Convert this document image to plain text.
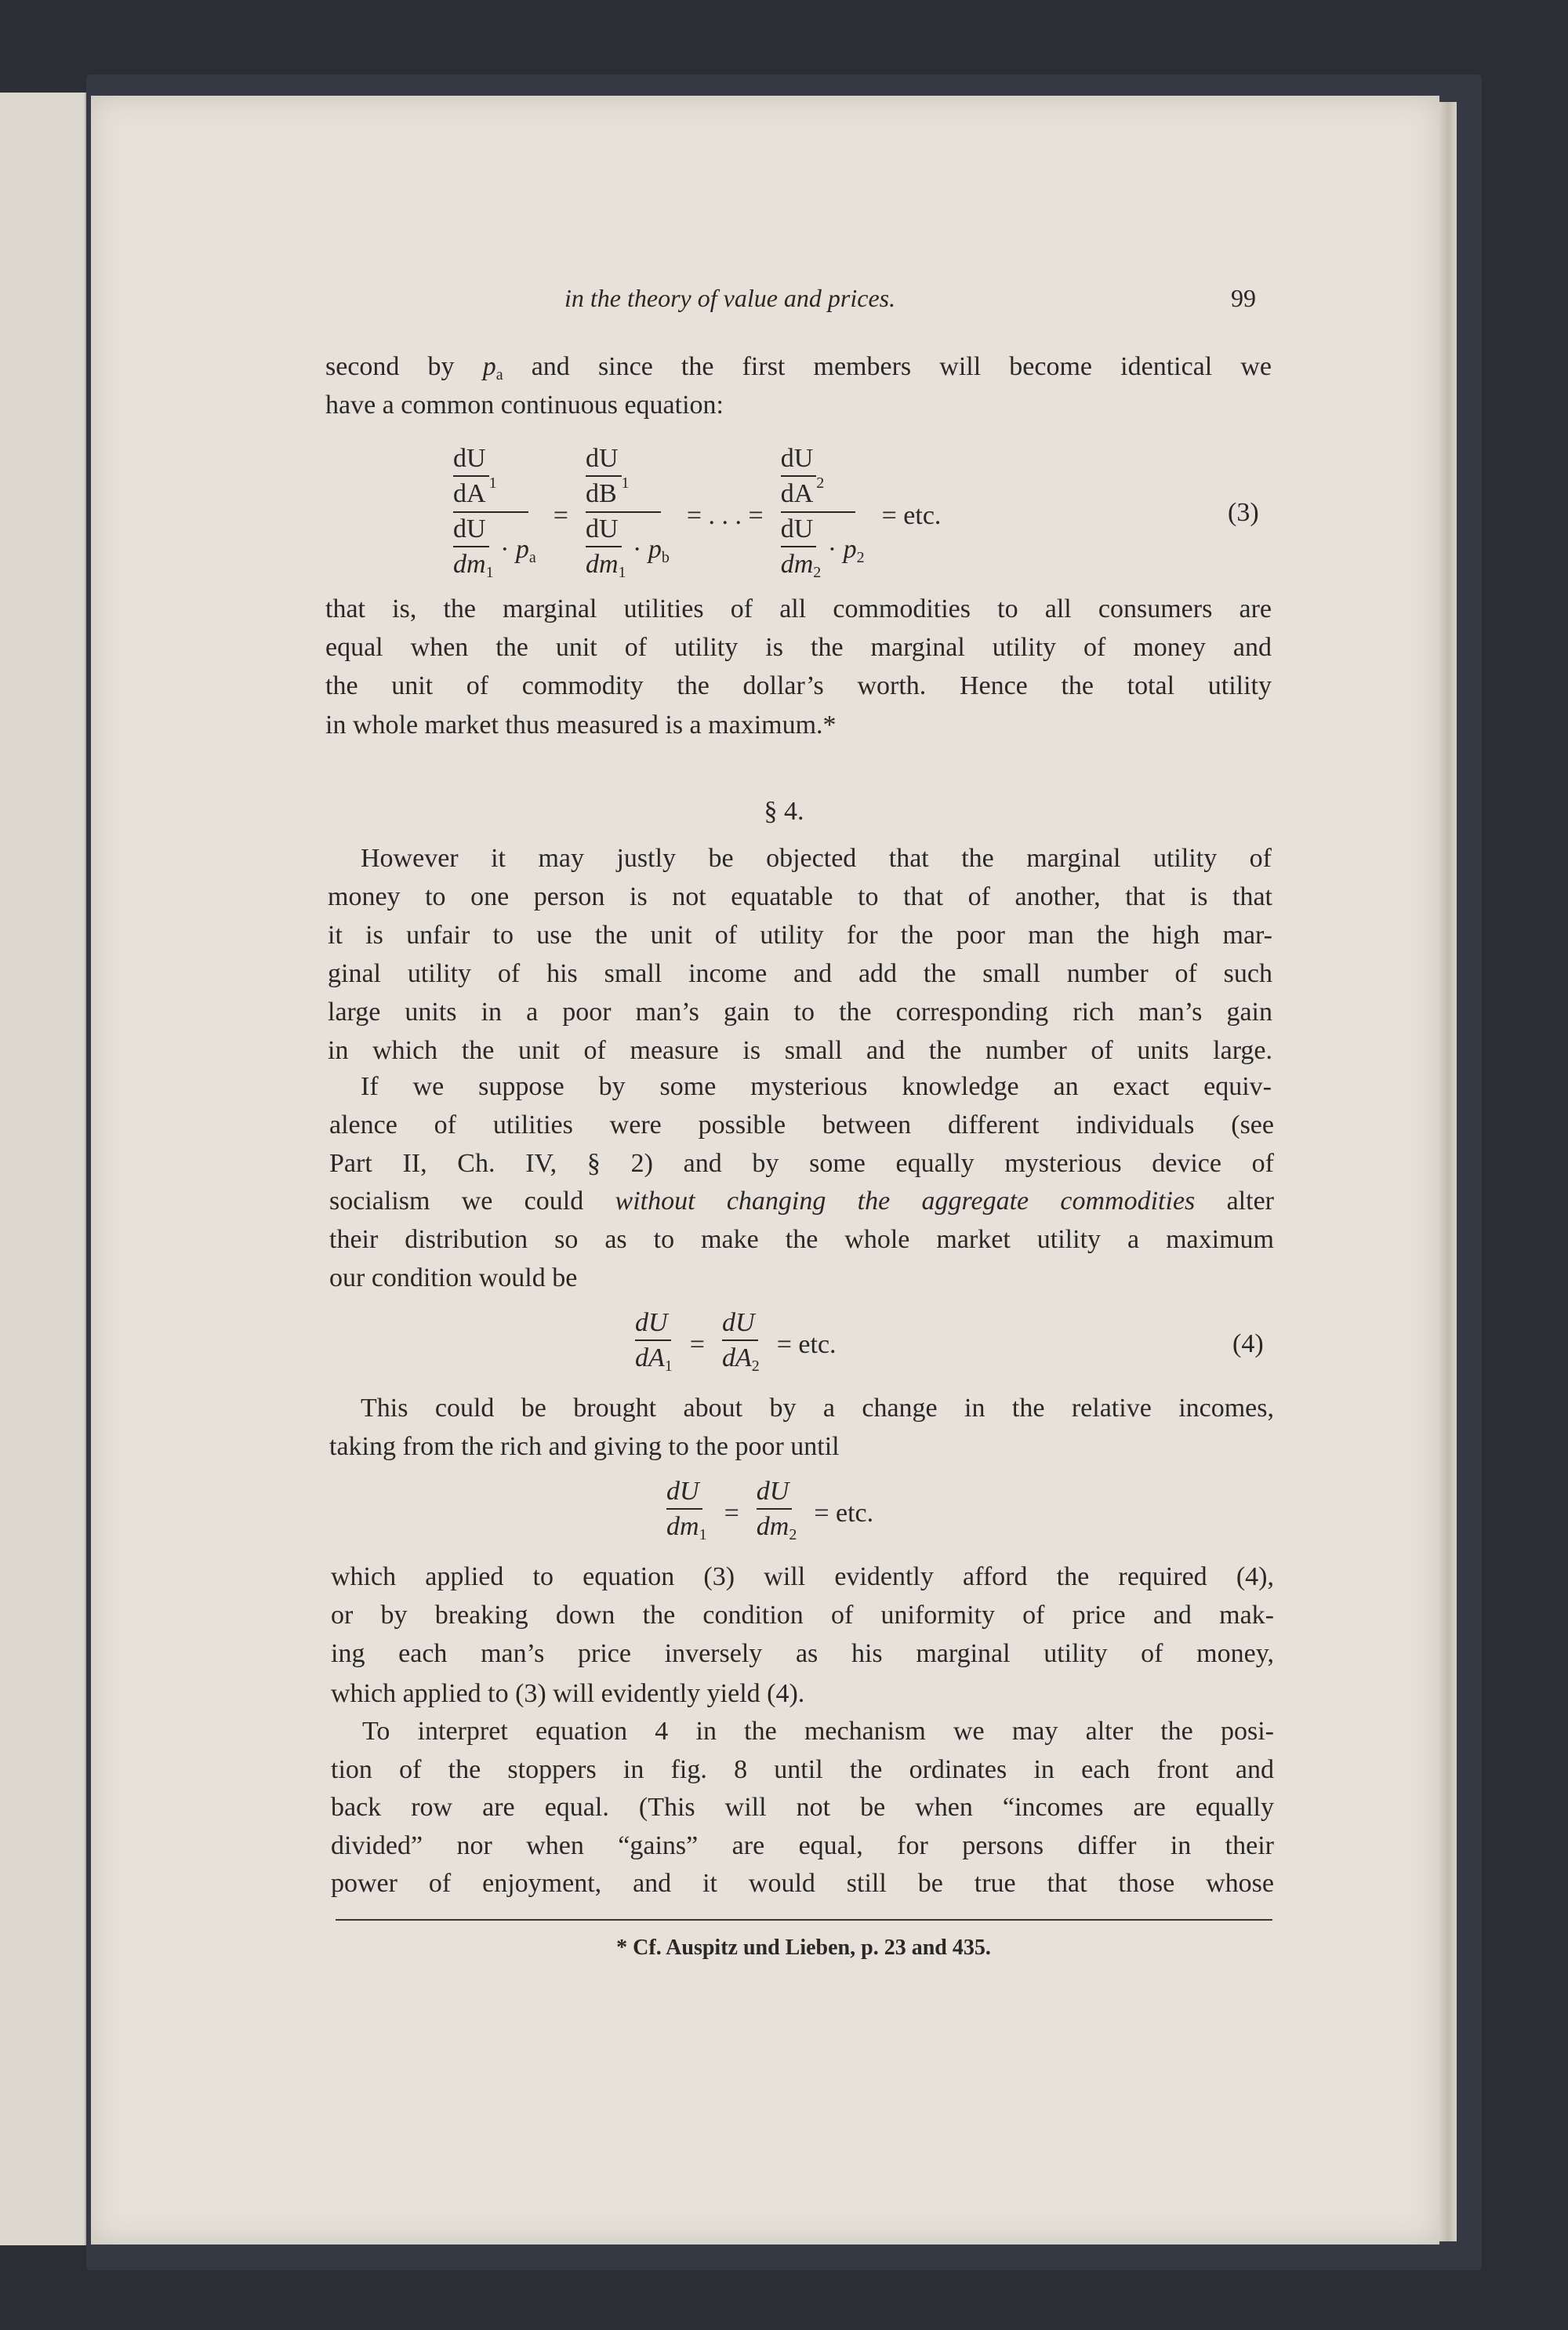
in the theory of value and prices.	99
second by $p_a$ and since the first members will become identical we
have a common continuous equation:
$\frac{\frac{dU}{dA} _1}{\frac{dU}{dm_1} \cdot p_a} = \frac{\frac{dU}{dB} _1}{\frac{dU}{dm_1} \cdot p_b}$ = . . . = $\frac{\frac{dU}{dA} _2}{\frac{dU}{dm_2} \cdot p_2}$ = etc.	(3)
that is, the marginal utilities of all commodities to all consumers are
equal when the unit of utility is the marginal utility of money and
the unit of commodity the dollar’s worth. Hence the total utility
in whole market thus measured is a maximum.*
§ 4.
However it may justly be objected that the marginal utility of
money to one person is not equatable to that of another, that is that
it is unfair to use the unit of utility for the poor man the high mar-
ginal utility of his small income and add the small number of such
large units in a poor man’s gain to the corresponding rich man’s gain
in which the unit of measure is small and the number of units large.
If we suppose by some mysterious knowledge an exact equiv-
alence of utilities were possible between different individuals (see
Part II, Ch. IV, § 2) and by some equally mysterious device of
socialism we could without changing the aggregate commodities alter
their distribution so as to make the whole market utility a maximum
our condition would be
$\frac{dU}{dA_1} = \frac{dU}{dA_2}$ = etc.	(4)
This could be brought about by a change in the relative incomes,
taking from the rich and giving to the poor until
$\frac{dU}{dm_1} = \frac{dU}{dm_2}$ = etc.
which applied to equation (3) will evidently afford the required (4),
or by breaking down the condition of uniformity of price and mak-
ing each man’s price inversely as his marginal utility of money,
which applied to (3) will evidently yield (4).
To interpret equation 4 in the mechanism we may alter the posi-
tion of the stoppers in fig. 8 until the ordinates in each front and
back row are equal. (This will not be when “incomes are equally
divided” nor when “gains” are equal, for persons differ in their
power of enjoyment, and it would still be true that those whose
* Cf. Auspitz und Lieben, p. 23 and 435.
